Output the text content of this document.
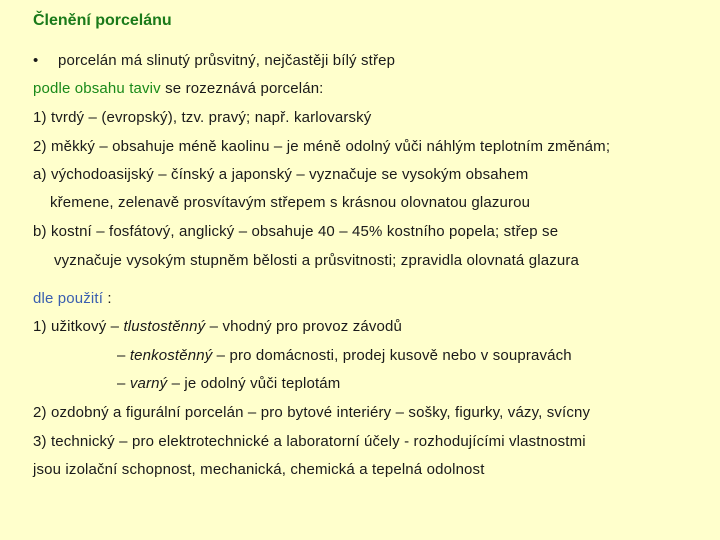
Členění porcelánu
• porcelán má slinutý průsvitný, nejčastěji bílý střep
podle obsahu taviv se rozeznává porcelán:
1) tvrdý – (evropský), tzv. pravý; např. karlovarský
2) měkký – obsahuje méně kaolinu – je méně odolný vůči náhlým teplotním změnám;
a) východoasijský – čínský a japonský – vyznačuje se vysokým obsahem
křemene, zelenavě prosvítavým střepem s krásnou olovnatou glazurou
b) kostní – fosfátový, anglický – obsahuje 40 – 45% kostního popela; střep se
vyznačuje vysokým stupněm bělosti a průsvitnosti; zpravidla olovnatá glazura
dle použití :
1) užitkový – tlustostěnný – vhodný pro provoz závodů
– tenkostěnný – pro domácnosti, prodej kusově nebo v soupravách
– varný – je odolný vůči teplotám
2) ozdobný a figurální porcelán – pro bytové interiéry – sošky, figurky, vázy, svícny
3) technický – pro elektrotechnické a laboratorní účely - rozhodujícími vlastnostmi
jsou izolační schopnost, mechanická, chemická a tepelná odolnost
